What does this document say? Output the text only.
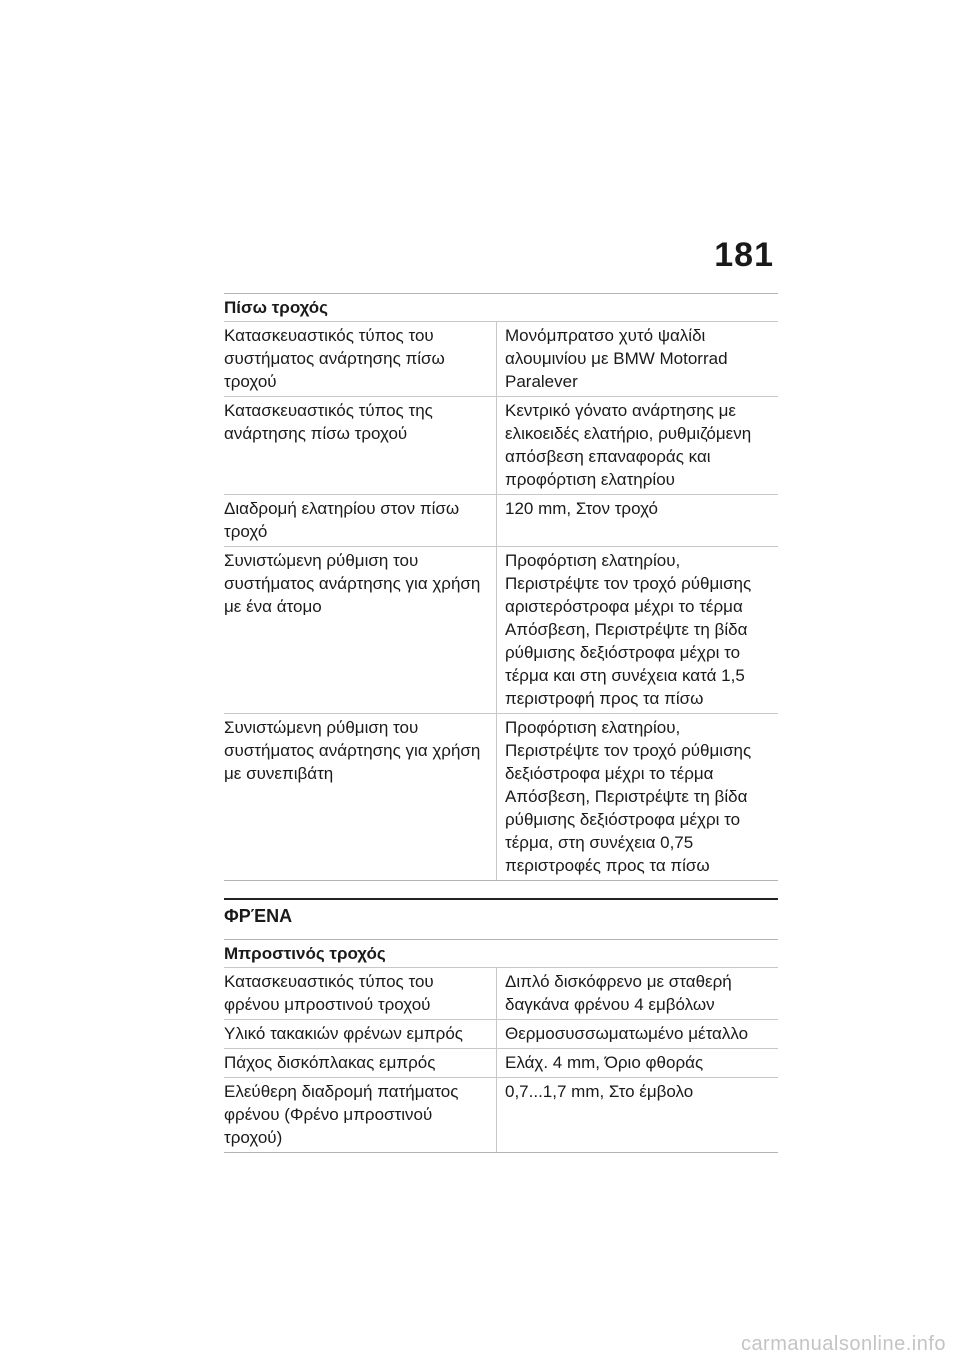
181
Πίσω τροχός
Κατασκευαστικός τύπος του συστήματος ανάρτησης πίσω τροχού	Μονόμπρατσο χυτό ψαλίδι αλουμινίου με BMW Motorrad Paralever
Κατασκευαστικός τύπος της ανάρτησης πίσω τροχού	Κεντρικό γόνατο ανάρτησης με ελικοειδές ελατήριο, ρυθμιζόμενη απόσβεση επαναφοράς και προφόρτιση ελατηρίου
Διαδρομή ελατηρίου στον πίσω τροχό	120 mm, Στον τροχό
Συνιστώμενη ρύθμιση του συστήματος ανάρτησης για χρήση με ένα άτομο	Προφόρτιση ελατηρίου, Περιστρέψτε τον τροχό ρύθμισης αριστερόστροφα μέχρι το τέρμα Απόσβεση, Περιστρέψτε τη βίδα ρύθμισης δεξιόστροφα μέχρι το τέρμα και στη συνέχεια κατά 1,5 περιστροφή προς τα πίσω
Συνιστώμενη ρύθμιση του συστήματος ανάρτησης για χρήση με συνεπιβάτη	Προφόρτιση ελατηρίου, Περιστρέψτε τον τροχό ρύθμισης δεξιόστροφα μέχρι το τέρμα Απόσβεση, Περιστρέψτε τη βίδα ρύθμισης δεξιόστροφα μέχρι το τέρμα, στη συνέχεια 0,75 περιστροφές προς τα πίσω
ΦΡΈΝΑ
Μπροστινός τροχός
Κατασκευαστικός τύπος του φρένου μπροστινού τροχού	Διπλό δισκόφρενο με σταθερή δαγκάνα φρένου 4 εμβόλων
Υλικό τακακιών φρένων εμπρός	Θερμοσυσσωματωμένο μέταλλο
Πάχος δισκόπλακας εμπρός	Ελάχ. 4 mm, Όριο φθοράς
Ελεύθερη διαδρομή πατήματος φρένου (Φρένο μπροστινού τροχού)	0,7...1,7 mm, Στο έμβολο
carmanualsonline.info
